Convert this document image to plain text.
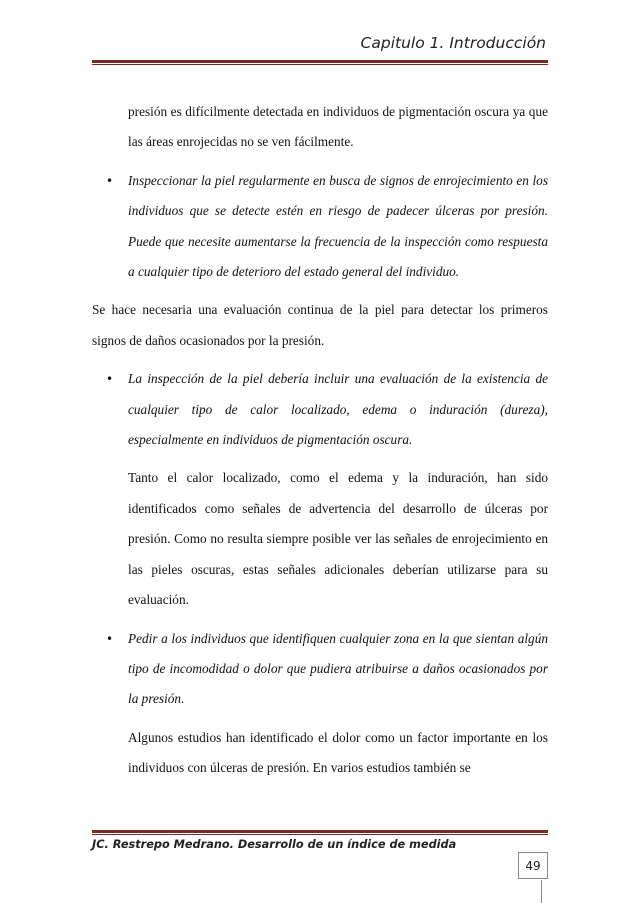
Capitulo 1. Introducción

presión es difícilmente detectada en individuos de pigmentación oscura ya que las áreas enrojecidas no se ven fácilmente.

• Inspeccionar la piel regularmente en busca de signos de enrojecimiento en los individuos que se detecte estén en riesgo de padecer úlceras por presión. Puede que necesite aumentarse la frecuencia de la inspección como respuesta a cualquier tipo de deterioro del estado general del individuo.

Se hace necesaria una evaluación continua de la piel para detectar los primeros signos de daños ocasionados por la presión.

• La inspección de la piel debería incluir una evaluación de la existencia de cualquier tipo de calor localizado, edema o induración (dureza), especialmente en individuos de pigmentación oscura.

Tanto el calor localizado, como el edema y la induración, han sido identificados como señales de advertencia del desarrollo de úlceras por presión. Como no resulta siempre posible ver las señales de enrojecimiento en las pieles oscuras, estas señales adicionales deberían utilizarse para su evaluación.

• Pedir a los individuos que identifiquen cualquier zona en la que sientan algún tipo de incomodidad o dolor que pudiera atribuirse a daños ocasionados por la presión.

Algunos estudios han identificado el dolor como un factor importante en los individuos con úlceras de presión. En varios estudios también se

JC. Restrepo Medrano. Desarrollo de un índice de medida
49
